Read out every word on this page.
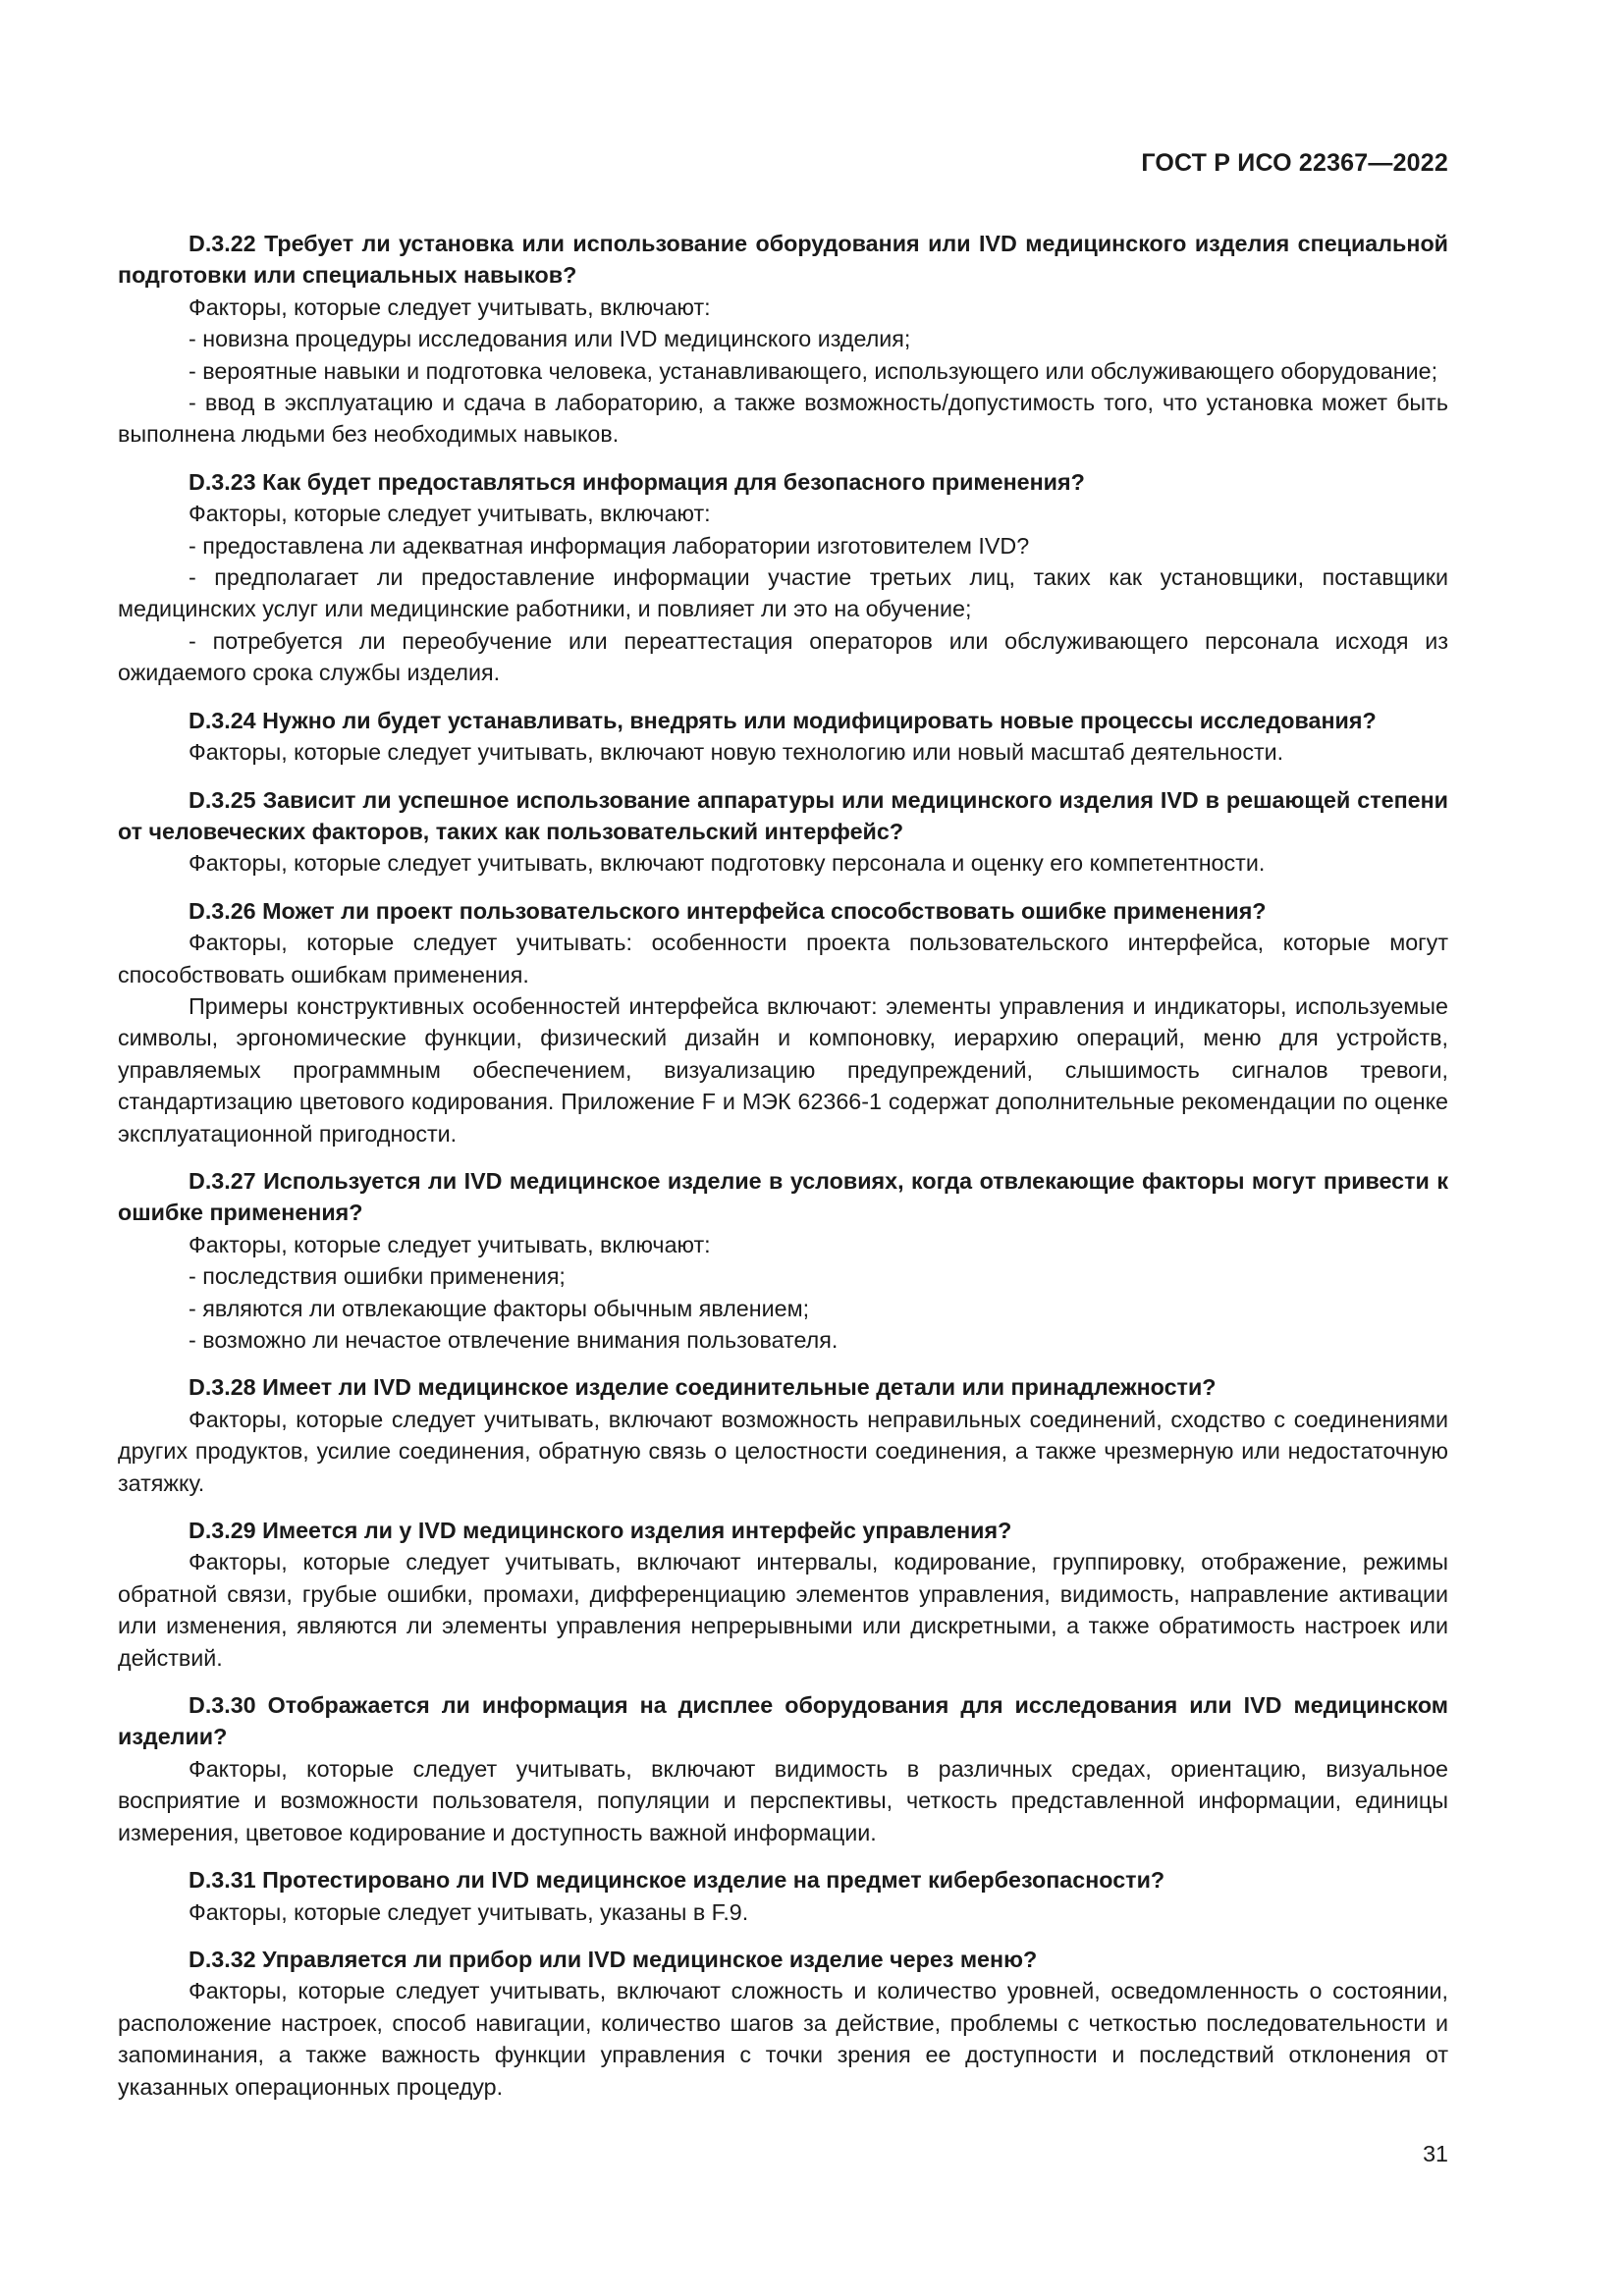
ГОСТ Р ИСО 22367—2022
D.3.22 Требует ли установка или использование оборудования или IVD медицинского изделия специальной подготовки или специальных навыков?
Факторы, которые следует учитывать, включают:
- новизна процедуры исследования или IVD медицинского изделия;
- вероятные навыки и подготовка человека, устанавливающего, использующего или обслуживающего оборудование;
- ввод в эксплуатацию и сдача в лабораторию, а также возможность/допустимость того, что установка может быть выполнена людьми без необходимых навыков.
D.3.23 Как будет предоставляться информация для безопасного применения?
Факторы, которые следует учитывать, включают:
- предоставлена ли адекватная информация лаборатории изготовителем IVD?
- предполагает ли предоставление информации участие третьих лиц, таких как установщики, поставщики медицинских услуг или медицинские работники, и повлияет ли это на обучение;
- потребуется ли переобучение или переаттестация операторов или обслуживающего персонала исходя из ожидаемого срока службы изделия.
D.3.24 Нужно ли будет устанавливать, внедрять или модифицировать новые процессы исследования?
Факторы, которые следует учитывать, включают новую технологию или новый масштаб деятельности.
D.3.25 Зависит ли успешное использование аппаратуры или медицинского изделия IVD в решающей степени от человеческих факторов, таких как пользовательский интерфейс?
Факторы, которые следует учитывать, включают подготовку персонала и оценку его компетентности.
D.3.26 Может ли проект пользовательского интерфейса способствовать ошибке применения?
Факторы, которые следует учитывать: особенности проекта пользовательского интерфейса, которые могут способствовать ошибкам применения.
Примеры конструктивных особенностей интерфейса включают: элементы управления и индикаторы, используемые символы, эргономические функции, физический дизайн и компоновку, иерархию операций, меню для устройств, управляемых программным обеспечением, визуализацию предупреждений, слышимость сигналов тревоги, стандартизацию цветового кодирования. Приложение F и МЭК 62366-1 содержат дополнительные рекомендации по оценке эксплуатационной пригодности.
D.3.27 Используется ли IVD медицинское изделие в условиях, когда отвлекающие факторы могут привести к ошибке применения?
Факторы, которые следует учитывать, включают:
- последствия ошибки применения;
- являются ли отвлекающие факторы обычным явлением;
- возможно ли нечастое отвлечение внимания пользователя.
D.3.28 Имеет ли IVD медицинское изделие соединительные детали или принадлежности?
Факторы, которые следует учитывать, включают возможность неправильных соединений, сходство с соединениями других продуктов, усилие соединения, обратную связь о целостности соединения, а также чрезмерную или недостаточную затяжку.
D.3.29 Имеется ли у IVD медицинского изделия интерфейс управления?
Факторы, которые следует учитывать, включают интервалы, кодирование, группировку, отображение, режимы обратной связи, грубые ошибки, промахи, дифференциацию элементов управления, видимость, направление активации или изменения, являются ли элементы управления непрерывными или дискретными, а также обратимость настроек или действий.
D.3.30 Отображается ли информация на дисплее оборудования для исследования или IVD медицинском изделии?
Факторы, которые следует учитывать, включают видимость в различных средах, ориентацию, визуальное восприятие и возможности пользователя, популяции и перспективы, четкость представленной информации, единицы измерения, цветовое кодирование и доступность важной информации.
D.3.31 Протестировано ли IVD медицинское изделие на предмет кибербезопасности?
Факторы, которые следует учитывать, указаны в F.9.
D.3.32 Управляется ли прибор или IVD медицинское изделие через меню?
Факторы, которые следует учитывать, включают сложность и количество уровней, осведомленность о состоянии, расположение настроек, способ навигации, количество шагов за действие, проблемы с четкостью последовательности и запоминания, а также важность функции управления с точки зрения ее доступности и последствий отклонения от указанных операционных процедур.
31
